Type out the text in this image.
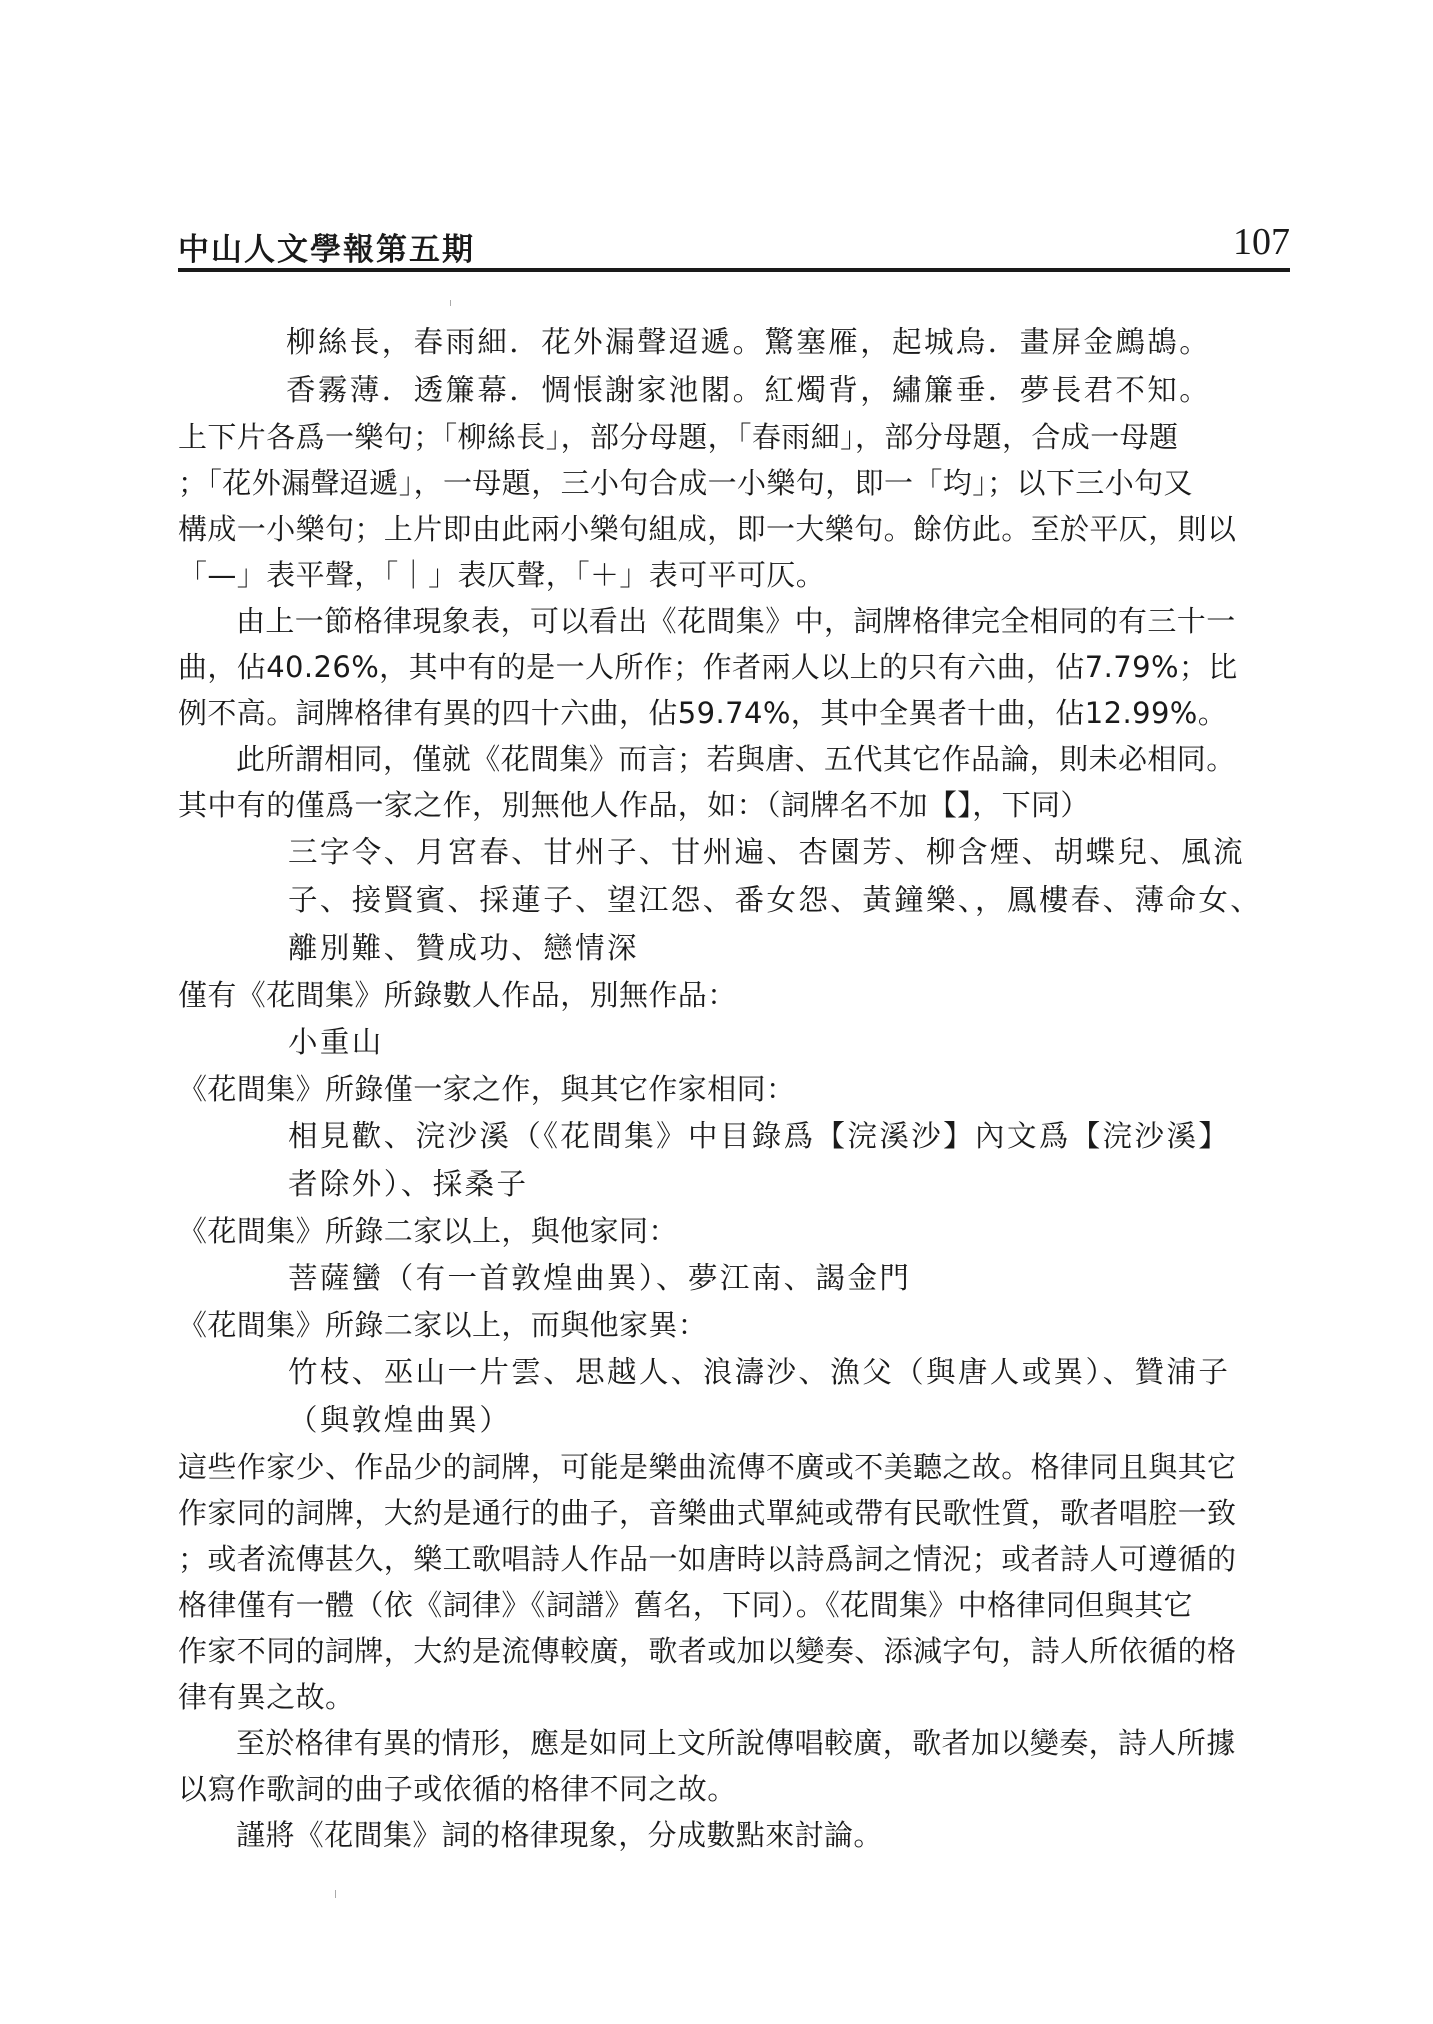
中山人文學報第五期	107
柳絲長，春雨細．花外漏聲迢遞。驚塞雁，起城烏．畫屏金鷓鴣。
香霧薄．透簾幕．惆悵謝家池閣。紅燭背，繡簾垂．夢長君不知。
上下片各爲一樂句；「柳絲長」，部分母題，「春雨細」，部分母題，合成一母題
；「花外漏聲迢遞」，一母題，三小句合成一小樂句，即一「均」；以下三小句又
構成一小樂句；上片即由此兩小樂句組成，即一大樂句。餘仿此。至於平仄，則以
「—」表平聲，「｜」表仄聲，「＋」表可平可仄。
由上一節格律現象表，可以看出《花間集》中，詞牌格律完全相同的有三十一
曲，佔40.26%，其中有的是一人所作；作者兩人以上的只有六曲，佔7.79%；比
例不高。詞牌格律有異的四十六曲，佔59.74%，其中全異者十曲，佔12.99%。
此所謂相同，僅就《花間集》而言；若與唐、五代其它作品論，則未必相同。
其中有的僅爲一家之作，別無他人作品，如：（詞牌名不加【】，下同）
三字令、月宮春、甘州子、甘州遍、杏園芳、柳含煙、胡蝶兒、風流
子、接賢賓、採蓮子、望江怨、番女怨、黃鐘樂、，鳳樓春、薄命女、
離別難、贊成功、戀情深
僅有《花間集》所錄數人作品，別無作品：
小重山
《花間集》所錄僅一家之作，與其它作家相同：
相見歡、浣沙溪（《花間集》中目錄爲【浣溪沙】內文爲【浣沙溪】
者除外）、採桑子
《花間集》所錄二家以上，與他家同：
菩薩蠻（有一首敦煌曲異）、夢江南、謁金門
《花間集》所錄二家以上，而與他家異：
竹枝、巫山一片雲、思越人、浪濤沙、漁父（與唐人或異）、贊浦子
（與敦煌曲異）
這些作家少、作品少的詞牌，可能是樂曲流傳不廣或不美聽之故。格律同且與其它
作家同的詞牌，大約是通行的曲子，音樂曲式單純或帶有民歌性質，歌者唱腔一致
；或者流傳甚久，樂工歌唱詩人作品一如唐時以詩爲詞之情況；或者詩人可遵循的
格律僅有一體（依《詞律》《詞譜》舊名，下同）。《花間集》中格律同但與其它
作家不同的詞牌，大約是流傳較廣，歌者或加以變奏、添減字句，詩人所依循的格
律有異之故。
至於格律有異的情形，應是如同上文所說傳唱較廣，歌者加以變奏，詩人所據
以寫作歌詞的曲子或依循的格律不同之故。
謹將《花間集》詞的格律現象，分成數點來討論。
